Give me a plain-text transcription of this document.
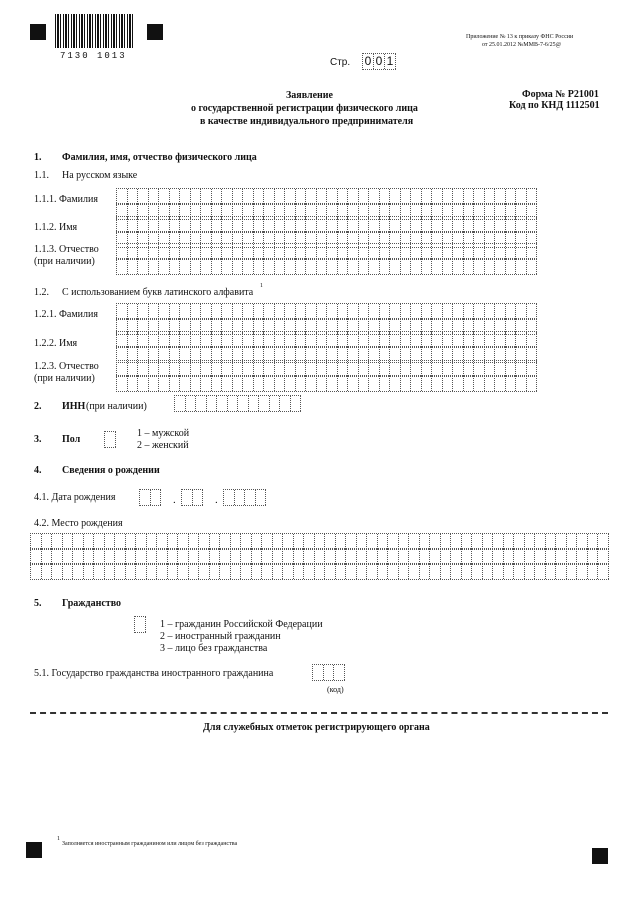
7130 1013
Приложение № 13 к приказу ФНС России
от 25.01.2012 №ММВ-7-6/25@
Стр. 0 0 1
Заявление
о государственной регистрации физического лица
в качестве индивидуального предпринимателя
Форма № Р21001
Код по КНД 1112501
1. Фамилия, имя, отчество физического лица
1.1. На русском языке
1.1.1. Фамилия
1.1.2. Имя
1.1.3. Отчество
(при наличии)
1.2. С использованием букв латинского алфавита
1
1.2.1. Фамилия
1.2.2. Имя
1.2.3. Отчество
(при наличии)
2. ИНН (при наличии)
3. Пол
1 – мужской
2 – женский
4. Сведения о рождении
4.1. Дата рождения	.	.
4.2. Место рождения
5. Гражданство
1 – гражданин Российской Федерации
2 – иностранный гражданин
3 – лицо без гражданства
5.1. Государство гражданства иностранного гражданина
(код)
Для служебных отметок регистрирующего органа
1
Заполняется иностранным гражданином или лицом без гражданства
